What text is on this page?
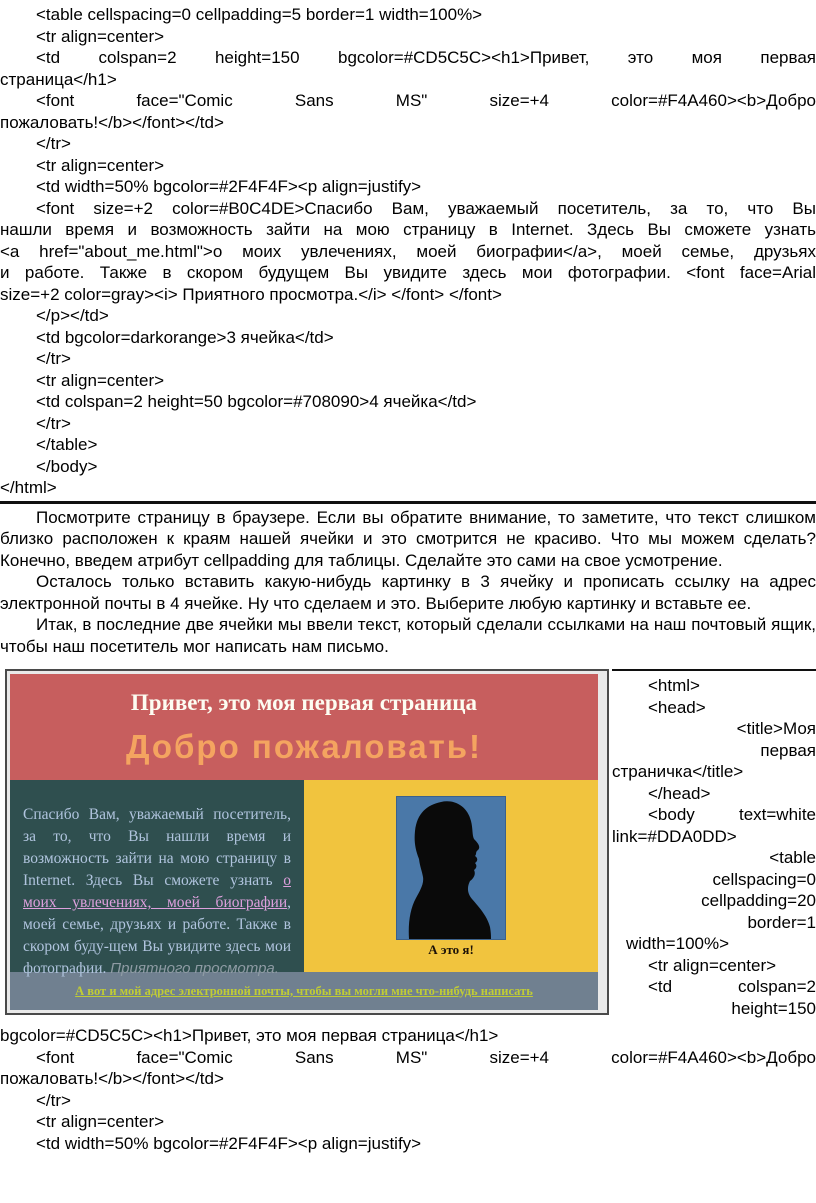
<table cellspacing=0 cellpadding=5 border=1 width=100%>
<tr align=center>
<td colspan=2 height=150 bgcolor=#CD5C5C><h1>Привет, это моя первая
страница</h1>
<font face="Comic Sans MS" size=+4 color=#F4A460><b>Добро
пожаловать!</b></font></td>
</tr>
<tr align=center>
<td width=50% bgcolor=#2F4F4F><p align=justify>
<font size=+2 color=#B0C4DE>Спасибо Вам, уважаемый посетитель, за то, что Вы
нашли время и возможность зайти на мою страницу в Internet. Здесь Вы сможете узнать
<a href="about_me.html">о моих увлечениях, моей биографии</a>, моей семье, друзьях
и работе. Также в скором будущем Вы увидите здесь мои фотографии. <font face=Arial
size=+2 color=gray><i> Приятного просмотра.</i> </font> </font>
</p></td>
<td bgcolor=darkorange>3 ячейка</td>
</tr>
<tr align=center>
<td colspan=2 height=50 bgcolor=#708090>4 ячейка</td>
</tr>
</table>
</body>
</html>

Посмотрите страницу в браузере. Если вы обратите внимание, то заметите, что текст слишком близко расположен к краям нашей ячейки и это смотрится не красиво. Что мы можем сделать? Конечно, введем атрибут cellpadding для таблицы. Сделайте это сами на свое усмотрение.

Осталось только вставить какую-нибудь картинку в 3 ячейку и прописать ссылку на адрес электронной почты в 4 ячейке. Ну что сделаем и это. Выберите любую картинку и вставьте ее.

Итак, в последние две ячейки мы ввели текст, который сделали ссылками на наш почтовый ящик, чтобы наш посетитель мог написать нам письмо.

Привет, это моя первая страница
Добро пожаловать!

Спасибо Вам, уважаемый посетитель, за то, что Вы нашли время и возможность зайти на мою страницу в Internet. Здесь Вы сможете узнать о моих увлечениях, моей биографии, моей семье, друзьях и работе. Также в скором буду-щем Вы увидите здесь мои фотографии. Приятного просмотра.

А это я!
А вот и мой адрес электронной почты, чтобы вы могли мне что-нибудь написать
<html>
<head>
<title>Моя
первая
страничка</title>
</head>
<body text=white
link=#DDA0DD>
<table
cellspacing=0
cellpadding=20
border=1
width=100%>
<tr align=center>
<td colspan=2
height=150
bgcolor=#CD5C5C><h1>Привет, это моя первая страница</h1>
<font face="Comic Sans MS" size=+4 color=#F4A460><b>Добро
пожаловать!</b></font></td>
</tr>
<tr align=center>
<td width=50% bgcolor=#2F4F4F><p align=justify>
